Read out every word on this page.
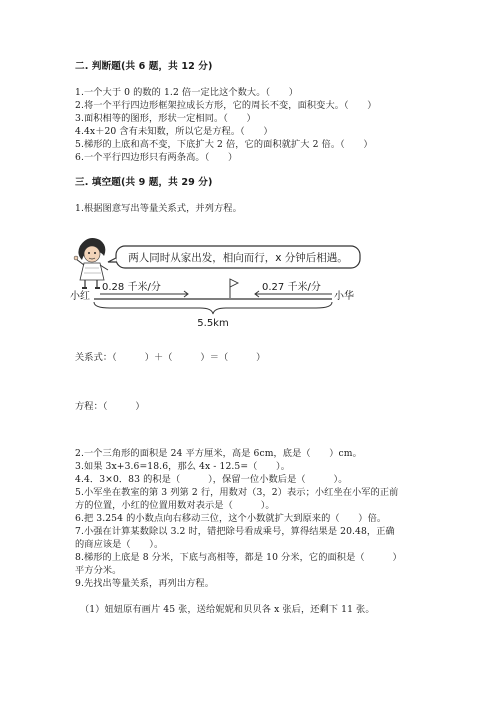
二. 判断题(共 6 题，共 12 分)
1.一个大于 0 的数的 1.2 倍一定比这个数大。（　　）
2.将一个平行四边形框架拉成长方形，它的周长不变，面积变大。（　　）
3.面积相等的图形，形状一定相同。（　　）
4.4x＋20 含有未知数，所以它是方程。（　　）
5.梯形的上底和高不变，下底扩大 2 倍，它的面积就扩大 2 倍。（　　）
6.一个平行四边形只有两条高。（　　）
三. 填空题(共 9 题，共 29 分)
1.根据图意写出等量关系式，并列方程。
两人同时从家出发，相向而行，x 分钟后相遇。
小红	小华
0.28 千米/分	0.27 千米/分
5.5km
关系式：（　　　）＋（　　　）＝（　　　）
方程：（　　　）
2.一个三角形的面积是 24 平方厘米，高是 6cm，底是（　　）cm。
3.如果 3x+3.6=18.6，那么 4x - 12.5=（　　）。
4.4．3×0．83 的积是（　　　），保留一位小数后是（　　　）。
5.小军坐在教室的第 3 列第 2 行，用数对（3，2）表示；小红坐在小军的正前
方的位置，小红的位置用数对表示是（　　　）。
6.把 3.254 的小数点向右移动三位，这个小数就扩大到原来的（　　）倍。
7.小强在计算某数除以 3.2 时，错把除号看成乘号，算得结果是 20.48，正确
的商应该是（　　）。
8.梯形的上底是 8 分米，下底与高相等，都是 10 分米，它的面积是（　　　）
平方分米。
9.先找出等量关系，再列出方程。
（1）妞妞原有画片 45 张，送给妮妮和贝贝各 x 张后，还剩下 11 张。
